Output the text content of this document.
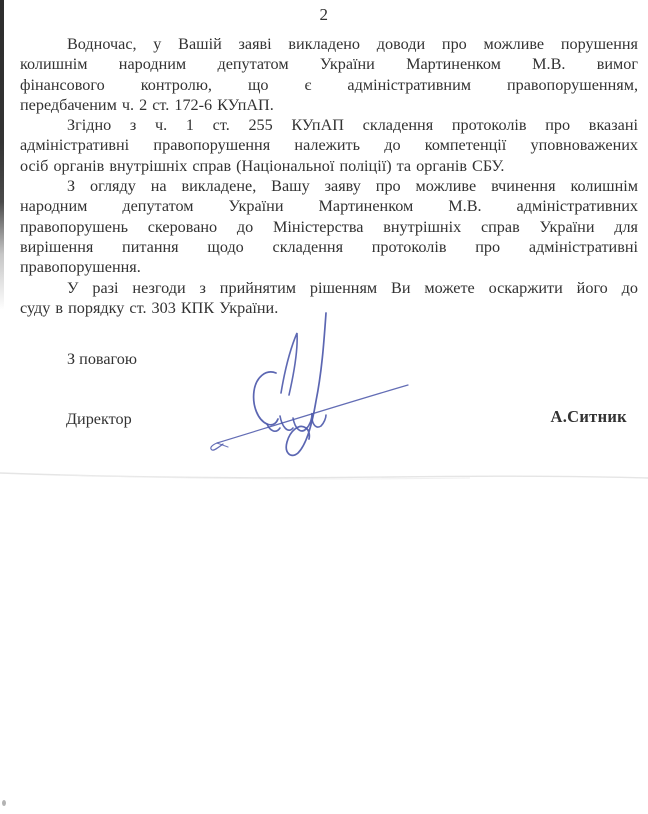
2
Водночас, у Вашій заяві викладено доводи про можливе порушення
колишнім народним депутатом України Мартиненком М.В. вимог
фінансового контролю, що є адміністративним правопорушенням,
передбаченим ч. 2 ст. 172-6 КУпАП.
Згідно з ч. 1 ст. 255 КУпАП складення протоколів про вказані
адміністративні правопорушення належить до компетенції уповноважених
осіб органів внутрішніх справ (Національної поліції) та органів СБУ.
З огляду на викладене, Вашу заяву про можливе вчинення колишнім
народним депутатом України Мартиненком М.В. адміністративних
правопорушень скеровано до Міністерства внутрішніх справ України для
вирішення питання щодо складення протоколів про адміністративні
правопорушення.
У разі незгоди з прийнятим рішенням Ви можете оскаржити його до
суду в порядку ст. 303 КПК України.
З повагою
Директор	А.Ситник
